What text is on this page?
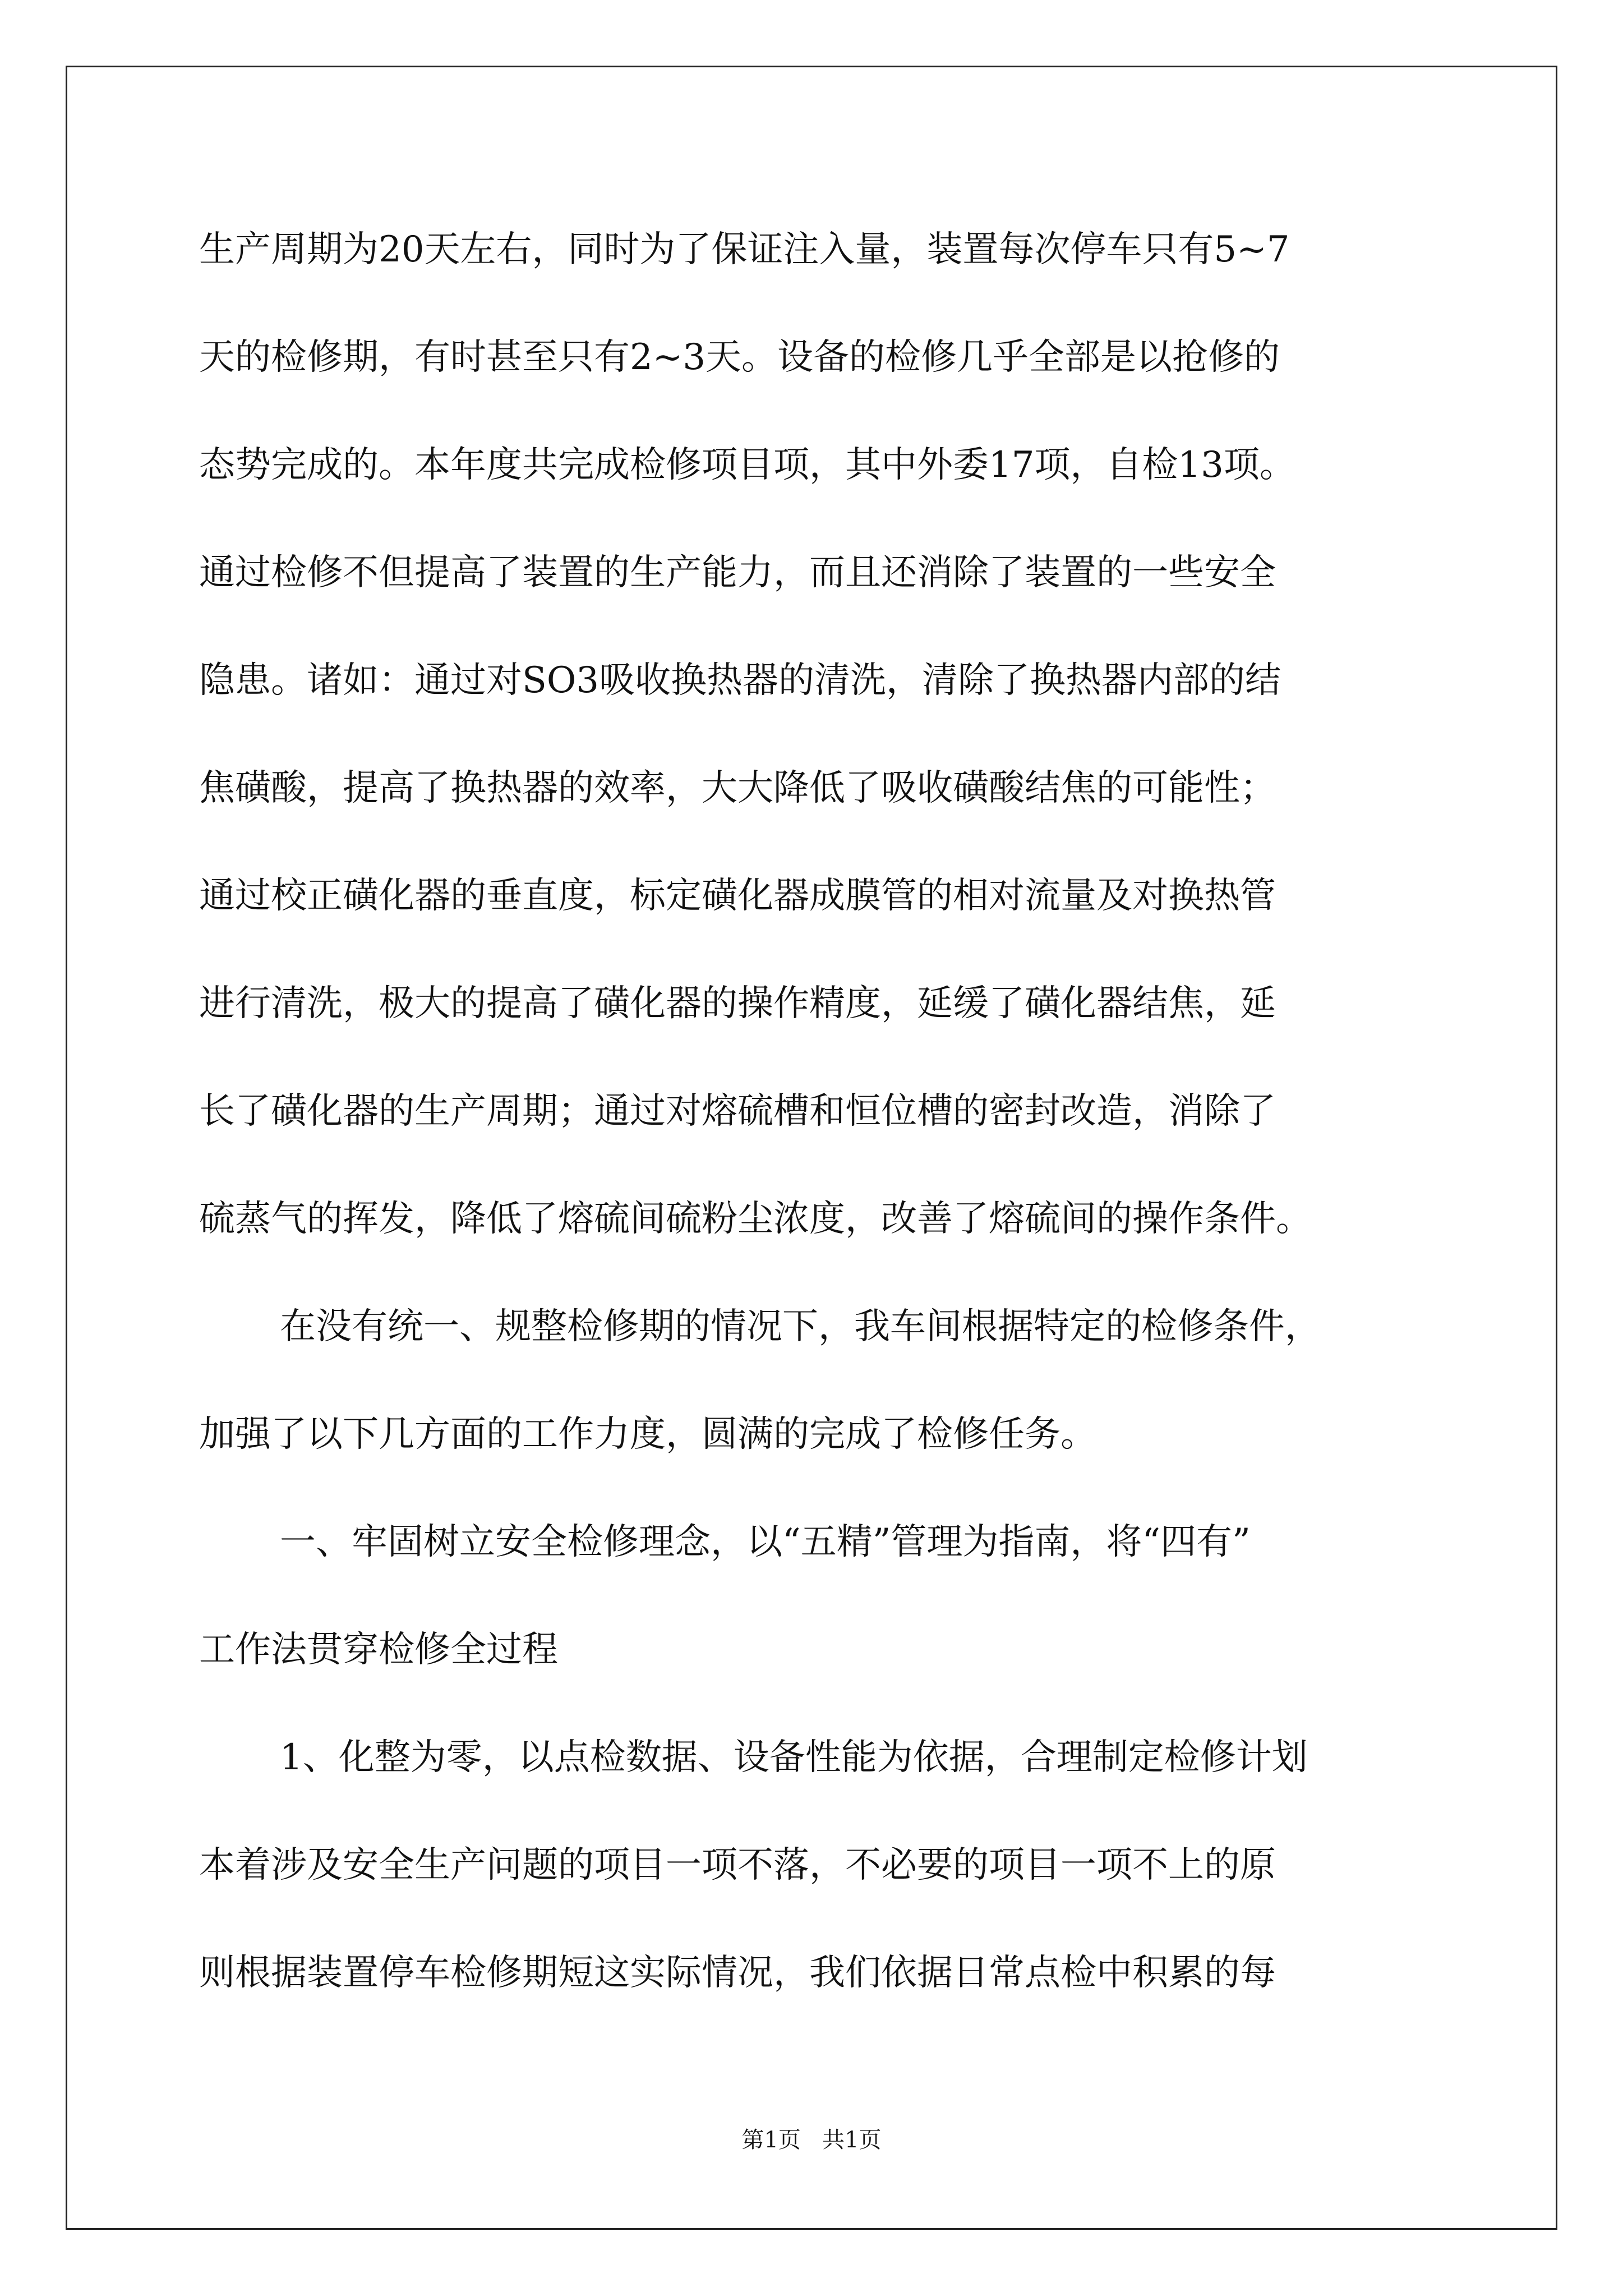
生产周期为20天左右，同时为了保证注入量，装置每次停车只有5~7
天的检修期，有时甚至只有2~3天。设备的检修几乎全部是以抢修的
态势完成的。本年度共完成检修项目项，其中外委17项，自检13项。
通过检修不但提高了装置的生产能力，而且还消除了装置的一些安全
隐患。诸如：通过对SO3吸收换热器的清洗，清除了换热器内部的结
焦磺酸，提高了换热器的效率，大大降低了吸收磺酸结焦的可能性；
通过校正磺化器的垂直度，标定磺化器成膜管的相对流量及对换热管
进行清洗，极大的提高了磺化器的操作精度，延缓了磺化器结焦，延
长了磺化器的生产周期；通过对熔硫槽和恒位槽的密封改造，消除了
硫蒸气的挥发，降低了熔硫间硫粉尘浓度，改善了熔硫间的操作条件。
在没有统一、规整检修期的情况下，我车间根据特定的检修条件，
加强了以下几方面的工作力度，圆满的完成了检修任务。
一、牢固树立安全检修理念，以“五精”管理为指南，将“四有”
工作法贯穿检修全过程
1、化整为零，以点检数据、设备性能为依据，合理制定检修计划
本着涉及安全生产问题的项目一项不落，不必要的项目一项不上的原
则根据装置停车检修期短这实际情况，我们依据日常点检中积累的每
第1页   共1页
